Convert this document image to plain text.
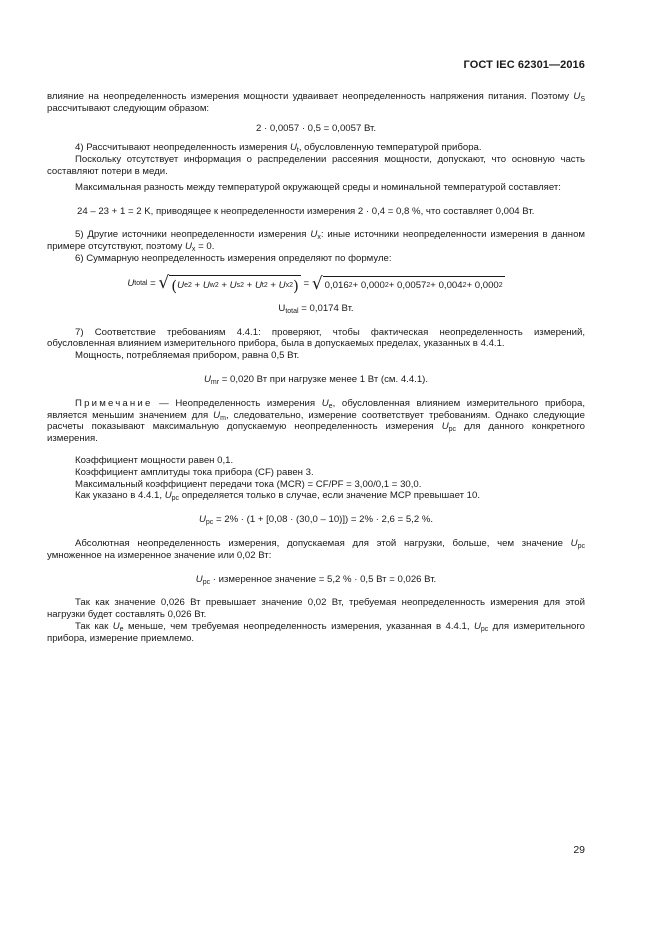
ГОСТ IEC 62301—2016

влияние на неопределенность измерения мощности удваивает неопределенность напряжения питания. Поэтому $U_S$ рассчитывают следующим образом:

2 · 0,0057 · 0,5 = 0,0057 Вт.

4) Рассчитывают неопределенность измерения $U_t$, обусловленную температурой прибора.

Поскольку отсутствует информация о распределении рассеяния мощности, допускают, что основную часть составляют потери в меди.

Максимальная разность между температурой окружающей среды и номинальной температурой составляет:

24 – 23 + 1 = 2 K, приводящее к неопределенности измерения 2 · 0,4 = 0,8 %, что составляет 0,004 Вт.

5) Другие источники неопределенности измерения $U_x$: иные источники неопределенности измерения в данном примере отсутствуют, поэтому $U_x = 0$.

6) Суммарную неопределенность измерения определяют по формуле:

U total = √ ( U e 2 + U w 2 + U s 2 + U t 2 + U x 2 ) = √ 0,016 2 + 0,000 2 + 0,0057 2 + 0,004 2 + 0,000 2

$U_{total} = 0,0174$ Вт.

7) Соответствие требованиям 4.4.1: проверяют, чтобы фактическая неопределенность измерений, обусловленная влиянием измерительного прибора, была в допускаемых пределах, указанных в 4.4.1.

Мощность, потребляемая прибором, равна 0,5 Вт.

$U_{mr} = 0,020$ Вт при нагрузке менее 1 Вт (см. 4.4.1).

Примечание — Неопределенность измерения $U_e$, обусловленная влиянием измерительного прибора, является меньшим значением для $U_m$, следовательно, измерение соответствует требованиям. Однако следующие расчеты показывают максимальную допускаемую неопределенность измерения $U_{pc}$ для данного конкретного измерения.

Коэффициент мощности равен 0,1.

Коэффициент амплитуды тока прибора (CF) равен 3.

Максимальный коэффициент передачи тока (MCR) = CF/PF = 3,00/0,1 = 30,0.

Как указано в 4.4.1, $U_{pc}$ определяется только в случае, если значение MCP превышает 10.

$U_{pc} = 2\% \cdot (1 + [0,08 \cdot (30,0 - 10)]) = 2\% \cdot 2,6 = 5,2$ %.

Абсолютная неопределенность измерения, допускаемая для этой нагрузки, больше, чем значение $U_{pc}$ умноженное на измеренное значение или 0,02 Вт:

$U_{pc}$ · измеренное значение = 5,2 % · 0,5 Вт = 0,026 Вт.

Так как значение 0,026 Вт превышает значение 0,02 Вт, требуемая неопределенность измерения для этой нагрузки будет составлять 0,026 Вт.

Так как $U_e$ меньше, чем требуемая неопределенность измерения, указанная в 4.4.1, $U_{pc}$ для измерительного прибора, измерение приемлемо.

29
